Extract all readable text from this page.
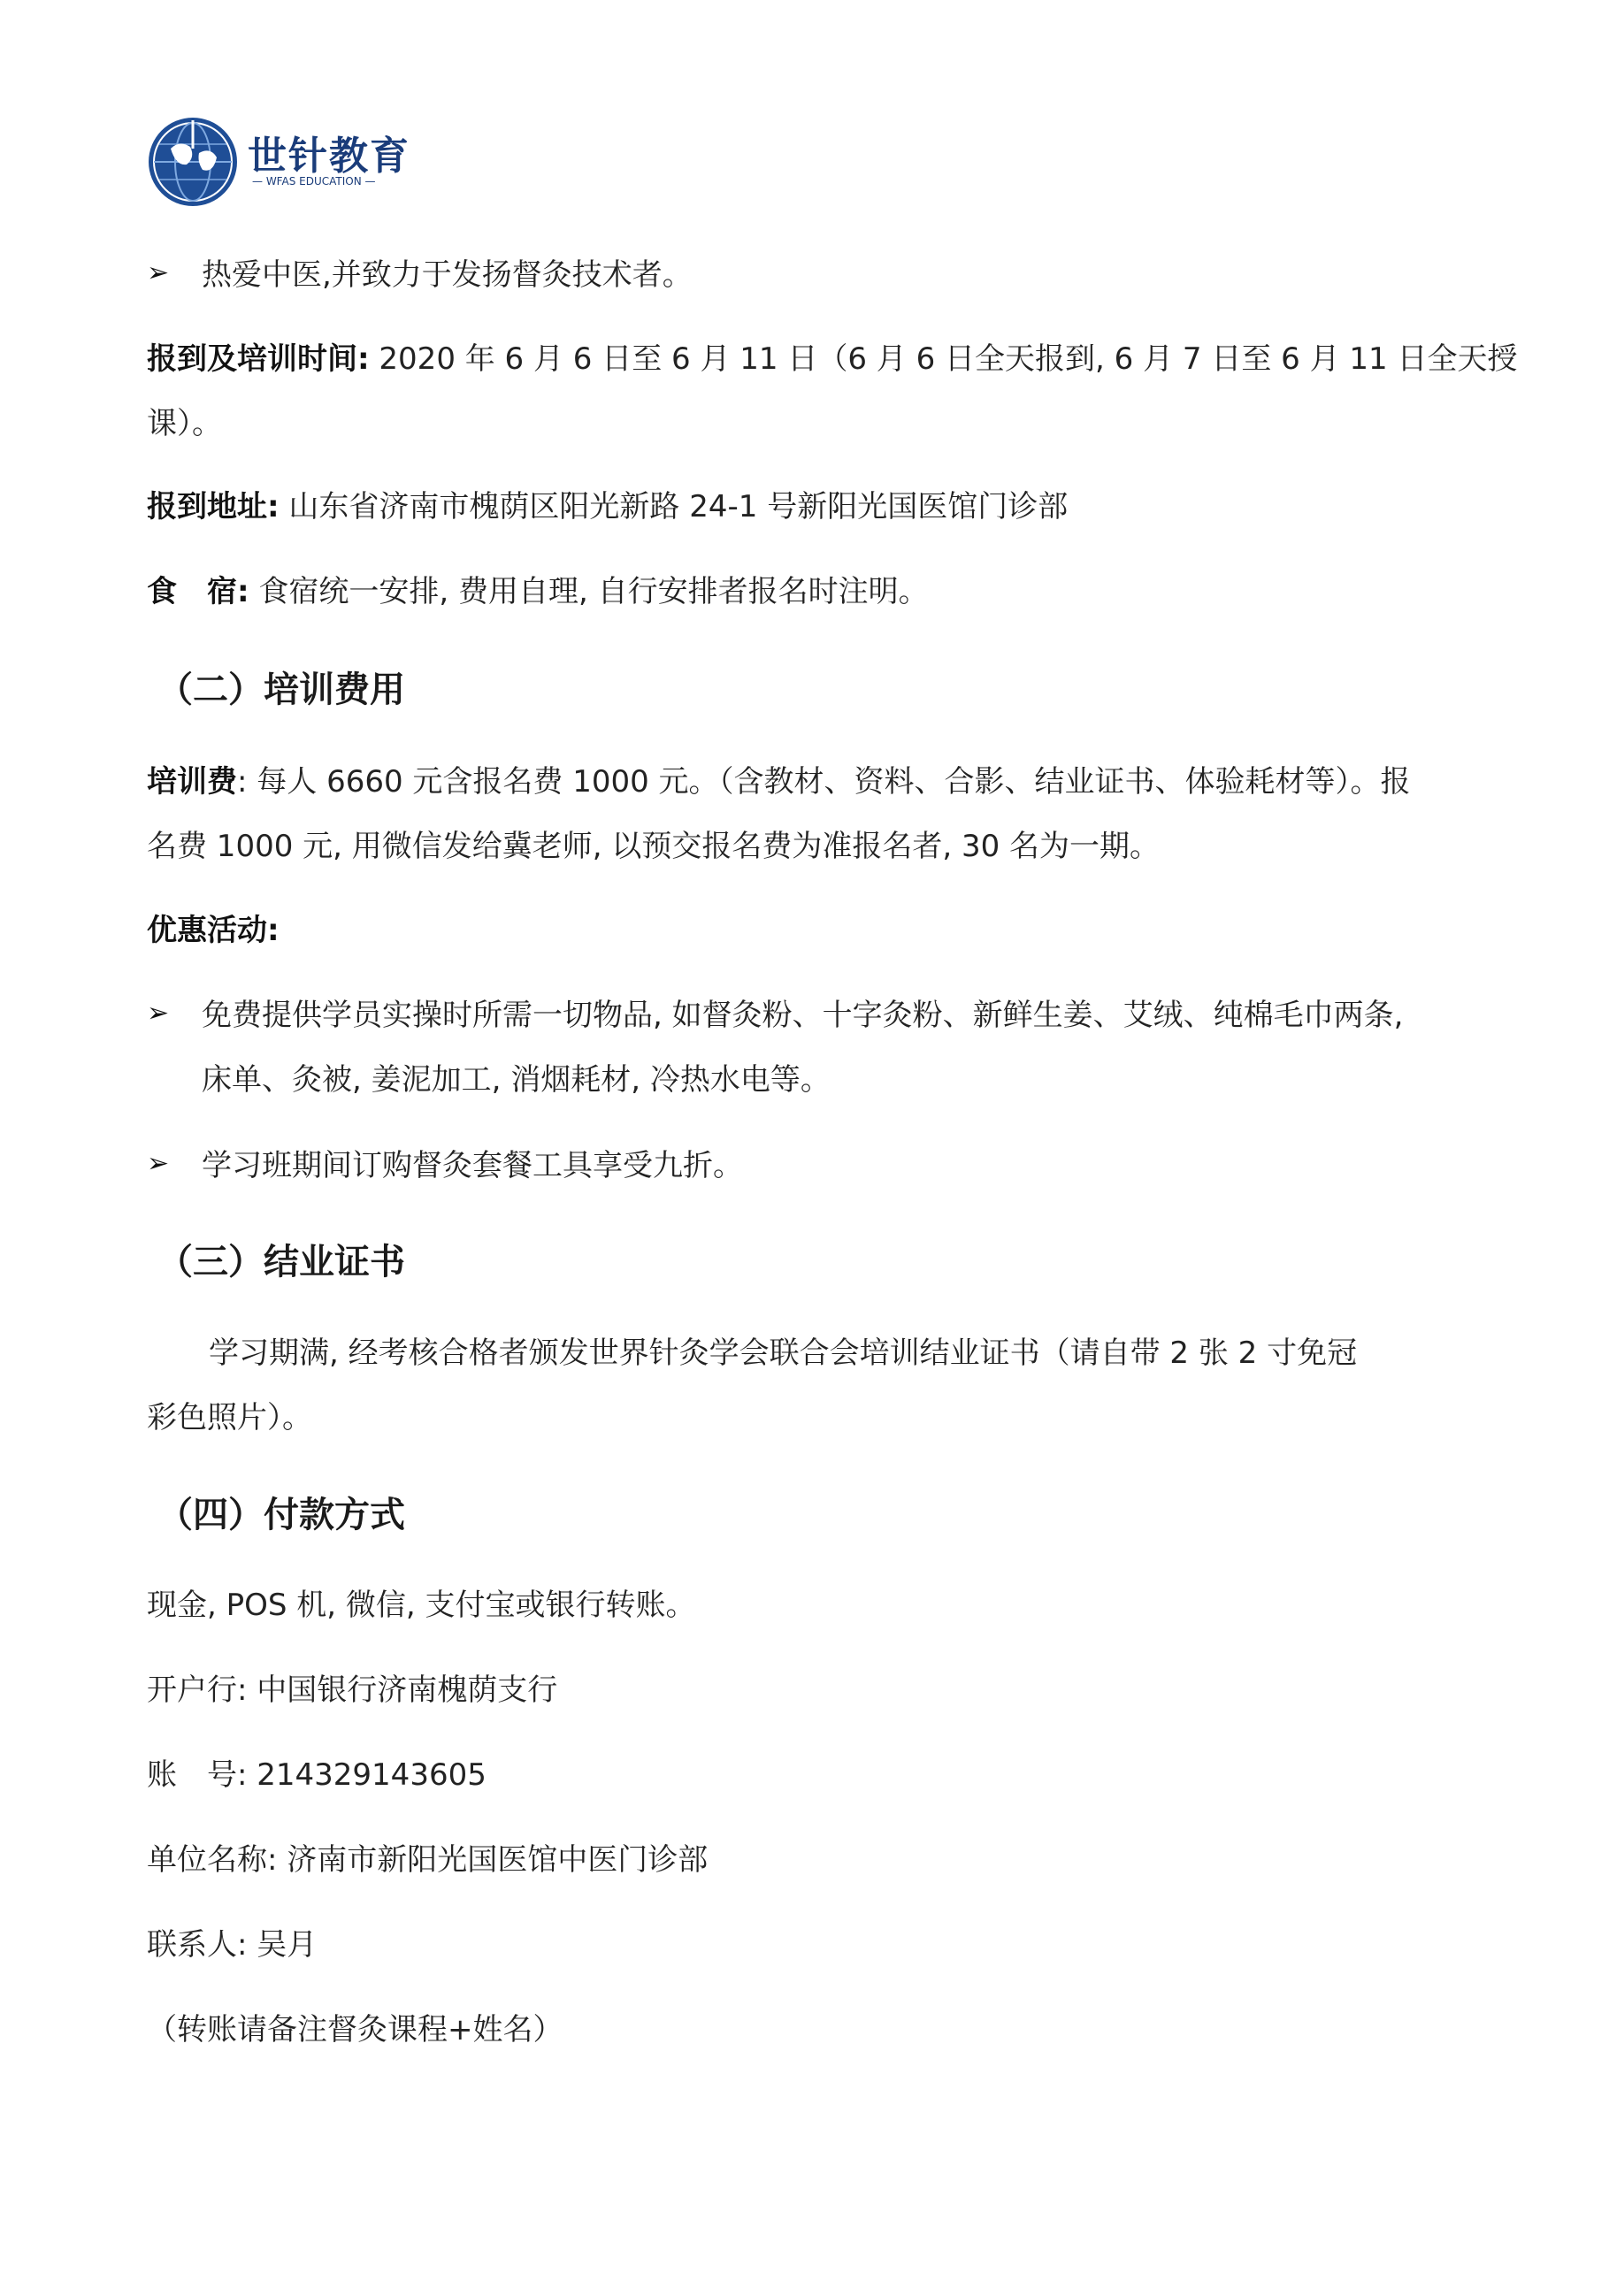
世针教育
— WFAS EDUCATION —
➢	热爱中医,并致力于发扬督灸技术者。
报到及培训时间: 2020 年 6 月 6 日至 6 月 11 日（6 月 6 日全天报到, 6 月 7 日至 6 月 11 日全天授
课）。
报到地址: 山东省济南市槐荫区阳光新路 24-1 号新阳光国医馆门诊部
食　宿: 食宿统一安排, 费用自理, 自行安排者报名时注明。
（二）培训费用
培训费: 每人 6660 元含报名费 1000 元。（含教材、资料、合影、结业证书、体验耗材等）。报
名费 1000 元, 用微信发给冀老师, 以预交报名费为准报名者, 30 名为一期。
优惠活动:
➢	免费提供学员实操时所需一切物品, 如督灸粉、十字灸粉、新鲜生姜、艾绒、纯棉毛巾两条,
床单、灸被, 姜泥加工, 消烟耗材, 冷热水电等。
➢	学习班期间订购督灸套餐工具享受九折。
（三）结业证书
学习期满, 经考核合格者颁发世界针灸学会联合会培训结业证书（请自带 2 张 2 寸免冠
彩色照片）。
（四）付款方式
现金, POS 机, 微信, 支付宝或银行转账。
开户行: 中国银行济南槐荫支行
账　号: 214329143605
单位名称: 济南市新阳光国医馆中医门诊部
联系人: 吴月
（转账请备注督灸课程+姓名）
